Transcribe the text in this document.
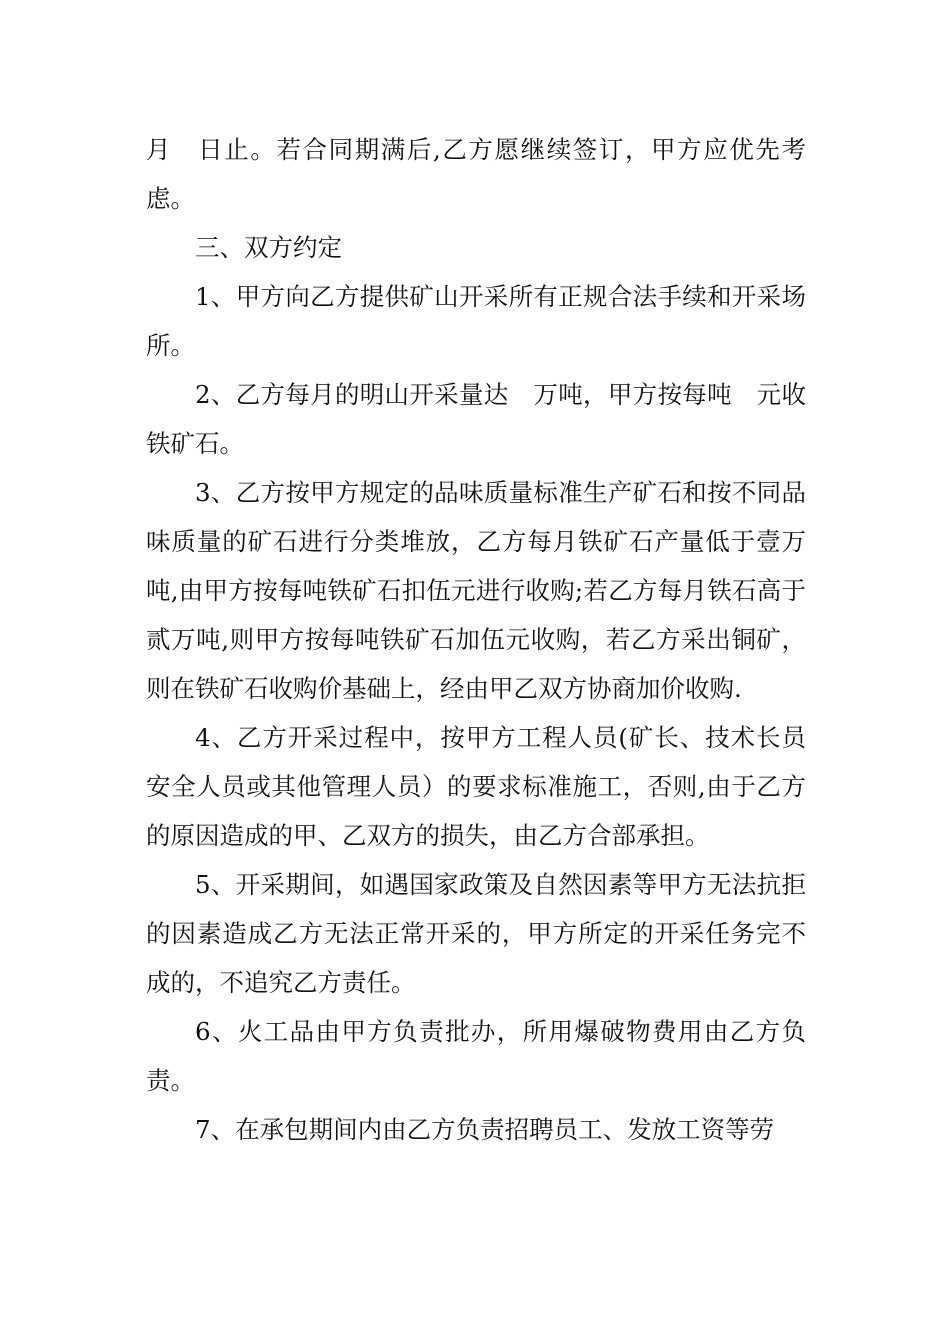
月　日止。若合同期满后,乙方愿继续签订，甲方应优先考虑。

三、双方约定

1、甲方向乙方提供矿山开采所有正规合法手续和开采场所。

2、乙方每月的明山开采量达　万吨，甲方按每吨　元收铁矿石。

3、乙方按甲方规定的品味质量标准生产矿石和按不同品味质量的矿石进行分类堆放，乙方每月铁矿石产量低于壹万吨,由甲方按每吨铁矿石扣伍元进行收购;若乙方每月铁石高于贰万吨,则甲方按每吨铁矿石加伍元收购，若乙方采出铜矿，则在铁矿石收购价基础上，经由甲乙双方协商加价收购.

4、乙方开采过程中，按甲方工程人员(矿长、技术长员安全人员或其他管理人员）的要求标准施工，否则,由于乙方的原因造成的甲、乙双方的损失，由乙方合部承担。

5、开采期间，如遇国家政策及自然因素等甲方无法抗拒的因素造成乙方无法正常开采的，甲方所定的开采任务完不成的，不追究乙方责任。

6、火工品由甲方负责批办，所用爆破物费用由乙方负责。

7、在承包期间内由乙方负责招聘员工、发放工资等劳
